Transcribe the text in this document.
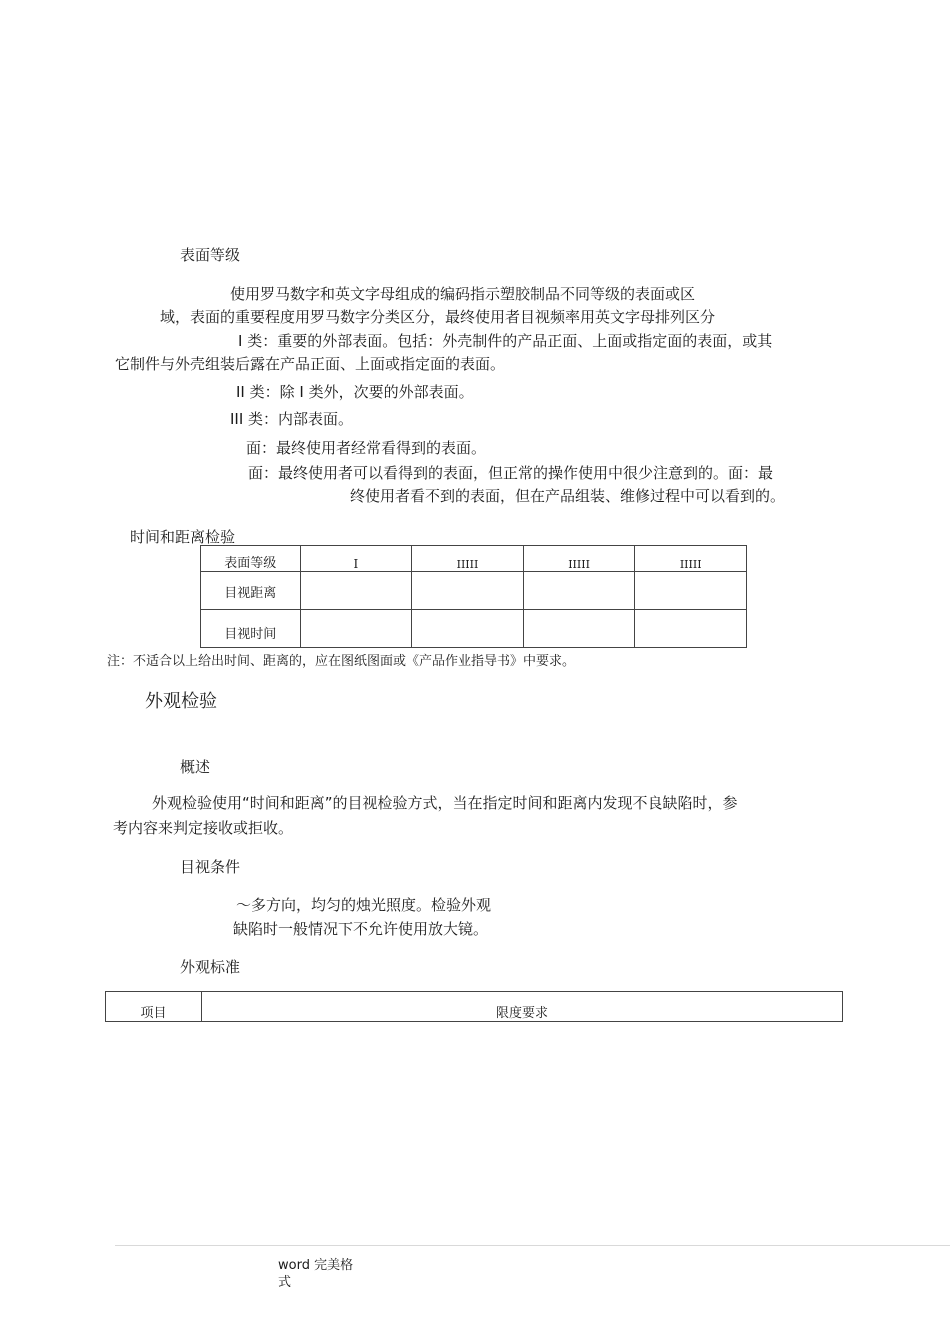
表面等级
使用罗马数字和英文字母组成的编码指示塑胶制品不同等级的表面或区
域，表面的重要程度用罗马数字分类区分，最终使用者目视频率用英文字母排列区分
I 类：重要的外部表面。包括：外壳制件的产品正面、上面或指定面的表面，或其
它制件与外壳组装后露在产品正面、上面或指定面的表面。
II 类：除 I 类外，次要的外部表面。
III 类：内部表面。
面：最终使用者经常看得到的表面。
面：最终使用者可以看得到的表面，但正常的操作使用中很少注意到的。面：最
终使用者看不到的表面，但在产品组装、维修过程中可以看到的。
时间和距离检验
表面等级	I	IIIII	IIIII	IIIII
目视距离				
目视时间				
注：不适合以上给出时间、距离的，应在图纸图面或《产品作业指导书》中要求。
外观检验
概述
外观检验使用“时间和距离”的目视检验方式，当在指定时间和距离内发现不良缺陷时，参
考内容来判定接收或拒收。
目视条件
～多方向，均匀的烛光照度。检验外观
缺陷时一般情况下不允许使用放大镜。
外观标准
项目	限度要求
word 完美格
式
